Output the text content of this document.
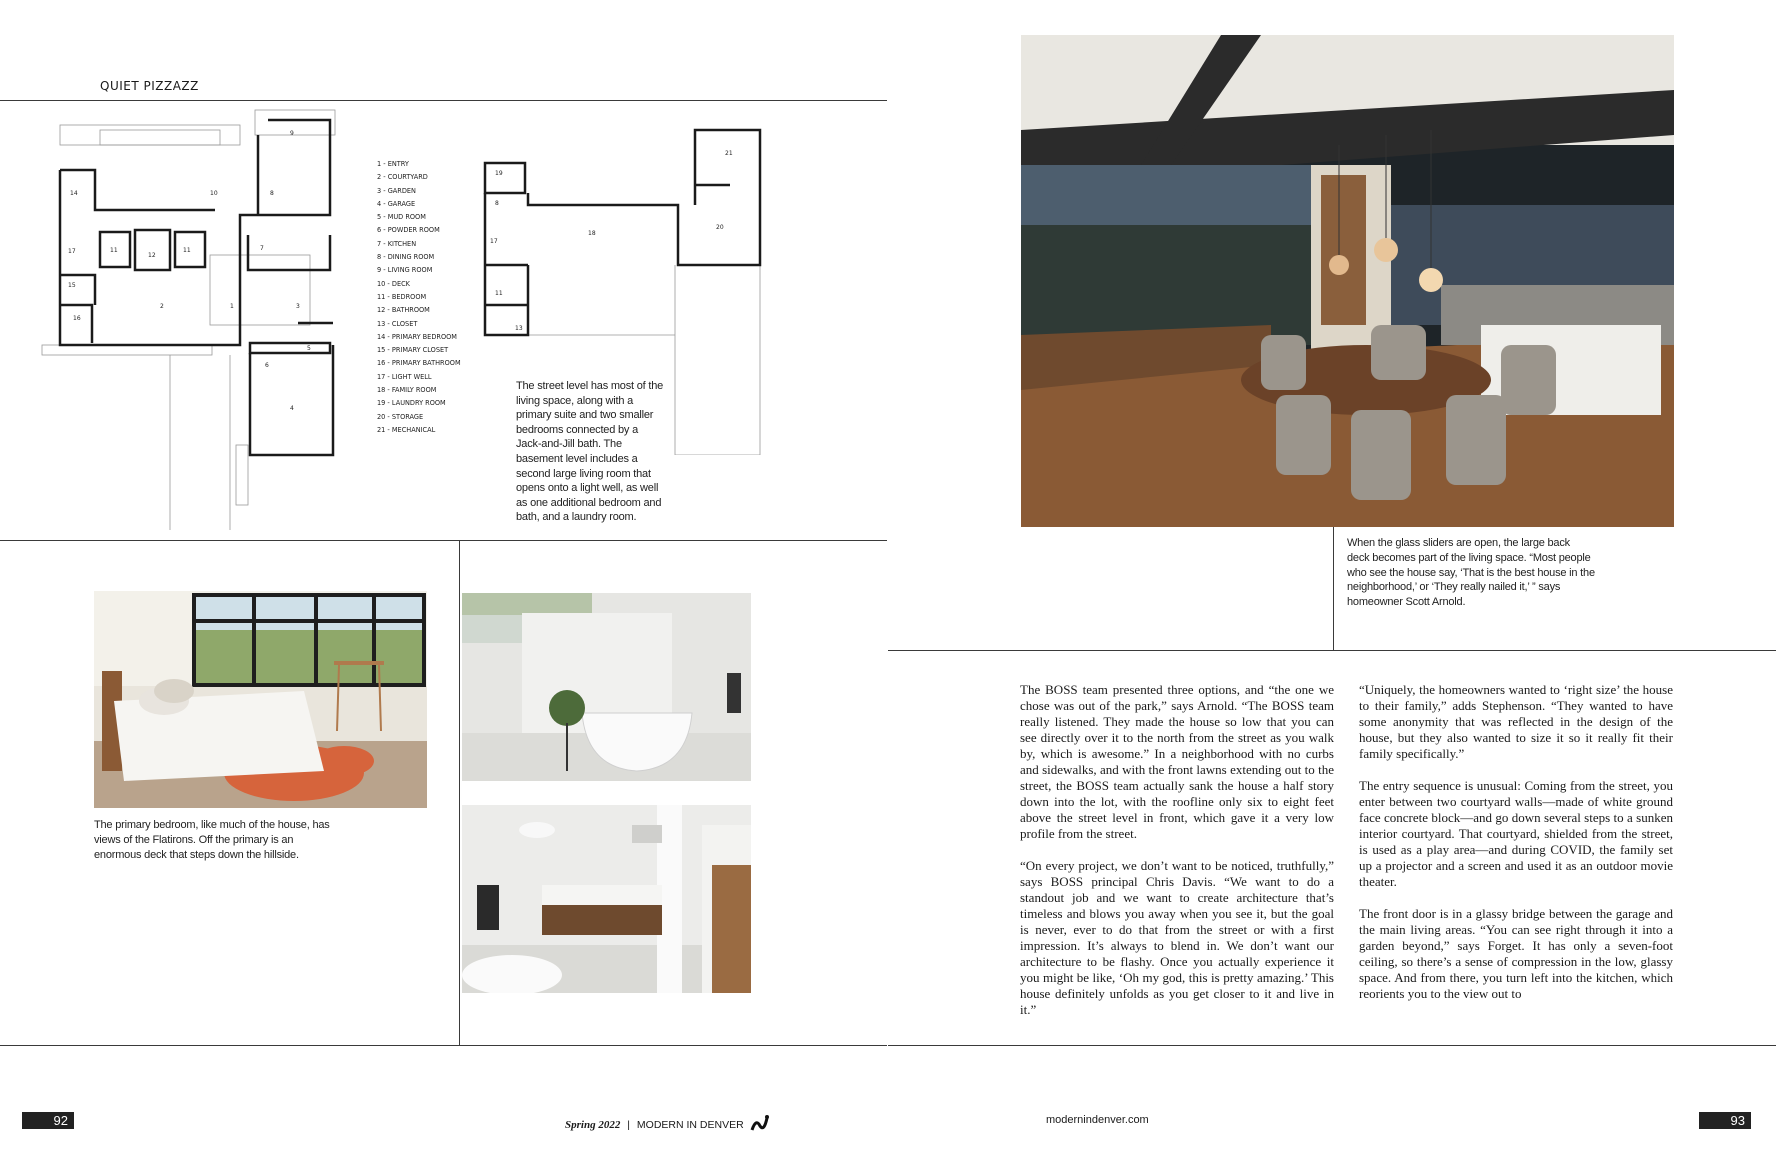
QUIET PIZZAZZ
14	10	8
9
11
12
11	7
17
15
16
2	1	3
6
5
4
1 - ENTRY
2 - COURTYARD
3 - GARDEN
4 - GARAGE
5 - MUD ROOM
6 - POWDER ROOM
7 - KITCHEN
8 - DINING ROOM
9 - LIVING ROOM
10 - DECK
11 - BEDROOM
12 - BATHROOM
13 - CLOSET
14 - PRIMARY BEDROOM
15 - PRIMARY CLOSET
16 - PRIMARY BATHROOM
17 - LIGHT WELL
18 - FAMILY ROOM
19 - LAUNDRY ROOM
20 - STORAGE
21 - MECHANICAL
19
8
17
18
20
21
11
13
The street level has most of the living space, along with a primary suite and two smaller bedrooms connected by a Jack-and-Jill bath. The basement level includes a second large living room that opens onto a light well, as well as one additional bedroom and bath, and a laundry room.
The primary bedroom, like much of the house, has views of the Flatirons. Off the primary is an enormous deck that steps down the hillside.
When the glass sliders are open, the large back deck becomes part of the living space. “Most people who see the house say, ‘That is the best house in the neighborhood,’ or ‘They really nailed it,’ ” says homeowner Scott Arnold.

The BOSS team presented three options, and “the one we chose was out of the park,” says Arnold. “The BOSS team really listened. They made the house so low that you can see directly over it to the north from the street as you walk by, which is awesome.” In a neighborhood with no curbs and sidewalks, and with the front lawns extending out to the street, the BOSS team actually sank the house a half story down into the lot, with the roofline only six to eight feet above the street level in front, which gave it a very low profile from the street.

“On every project, we don’t want to be noticed, truthfully,” says BOSS principal Chris Davis. “We want to do a standout job and we want to create architecture that’s timeless and blows you away when you see it, but the goal is never, ever to do that from the street or with a first impression. It’s always to blend in. We don’t want our architecture to be flashy. Once you actually experience it you might be like, ‘Oh my god, this is pretty amazing.’ This house definitely unfolds as you get closer to it and live in it.”

“Uniquely, the homeowners wanted to ‘right size’ the house to their family,” adds Stephenson. “They wanted to have some anonymity that was reflected in the design of the house, but they also wanted to size it so it really fit their family specifically.”

The entry sequence is unusual: Coming from the street, you enter between two courtyard walls—made of white ground face concrete block—and go down several steps to a sunken interior courtyard. That courtyard, shielded from the street, is used as a play area—and during COVID, the family set up a projector and a screen and used it as an outdoor movie theater.

The front door is in a glassy bridge between the garage and the main living areas. “You can see right through it into a garden beyond,” says Forget. It has only a seven-foot ceiling, so there’s a sense of compression in the low, glassy space. And from there, you turn left into the kitchen, which reorients you to the view out to

92	Spring 2022 | MODERN IN DENVER	modernindenver.com	93
